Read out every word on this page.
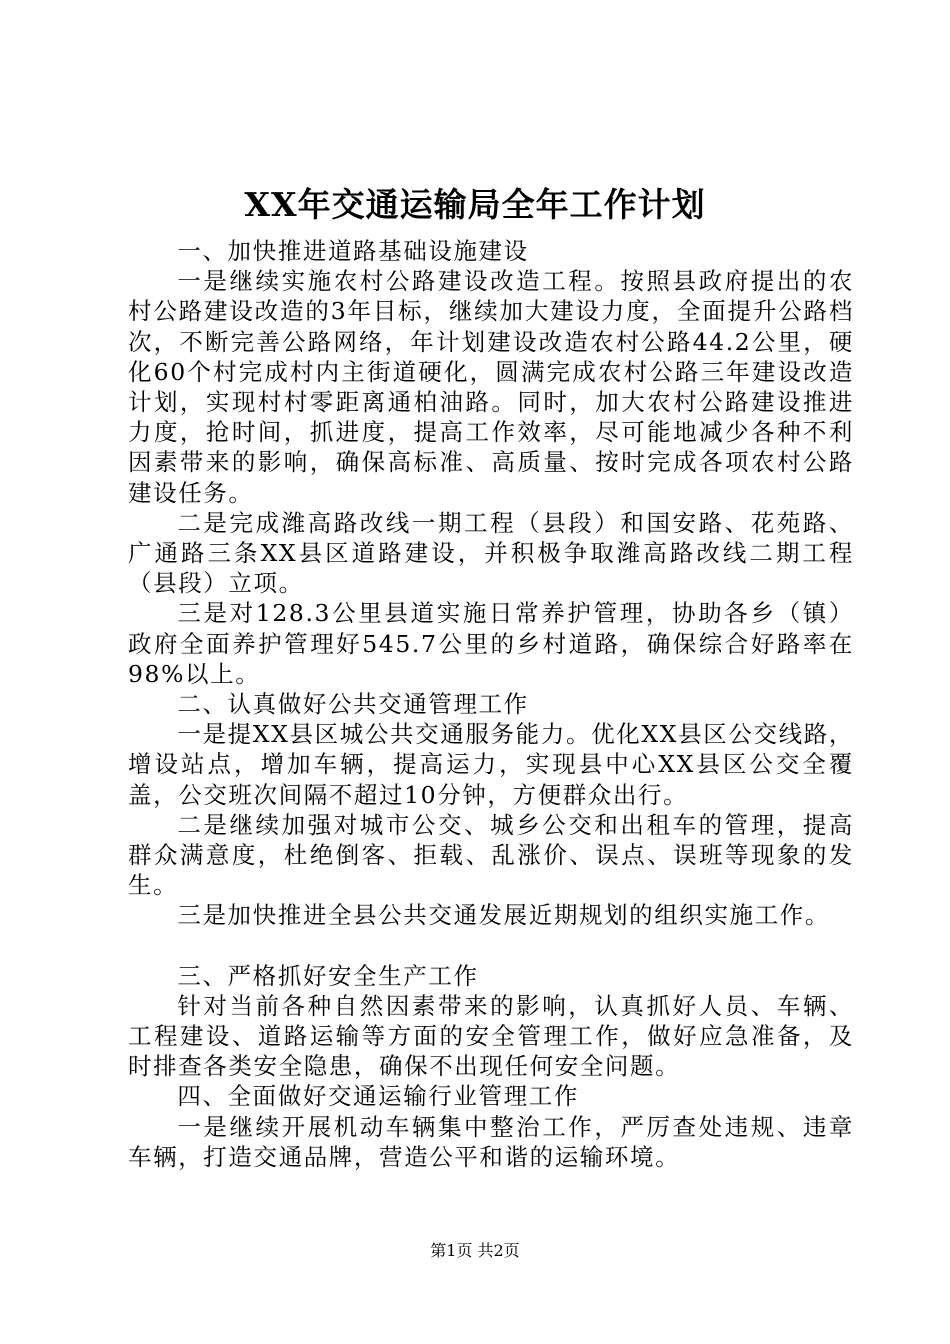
XX年交通运输局全年工作计划

一、加快推进道路基础设施建设

一是继续实施农村公路建设改造工程。按照县政府提出的农村公路建设改造的3年目标，继续加大建设力度，全面提升公路档次，不断完善公路网络，年计划建设改造农村公路44.2公里，硬化60个村完成村内主街道硬化，圆满完成农村公路三年建设改造计划，实现村村零距离通柏油路。同时，加大农村公路建设推进力度，抢时间，抓进度，提高工作效率，尽可能地减少各种不利因素带来的影响，确保高标准、高质量、按时完成各项农村公路建设任务。

二是完成潍高路改线一期工程（县段）和国安路、花苑路、广通路三条XX县区道路建设，并积极争取潍高路改线二期工程（县段）立项。

三是对128.3公里县道实施日常养护管理，协助各乡（镇）政府全面养护管理好545.7公里的乡村道路，确保综合好路率在98%以上。

二、认真做好公共交通管理工作

一是提XX县区城公共交通服务能力。优化XX县区公交线路，增设站点，增加车辆，提高运力，实现县中心XX县区公交全覆盖，公交班次间隔不超过10分钟，方便群众出行。

二是继续加强对城市公交、城乡公交和出租车的管理，提高群众满意度，杜绝倒客、拒载、乱涨价、误点、误班等现象的发生。

三是加快推进全县公共交通发展近期规划的组织实施工作。

三、严格抓好安全生产工作

针对当前各种自然因素带来的影响，认真抓好人员、车辆、工程建设、道路运输等方面的安全管理工作，做好应急准备，及时排查各类安全隐患，确保不出现任何安全问题。

四、全面做好交通运输行业管理工作

一是继续开展机动车辆集中整治工作，严厉查处违规、违章车辆，打造交通品牌，营造公平和谐的运输环境。

第1页 共2页
